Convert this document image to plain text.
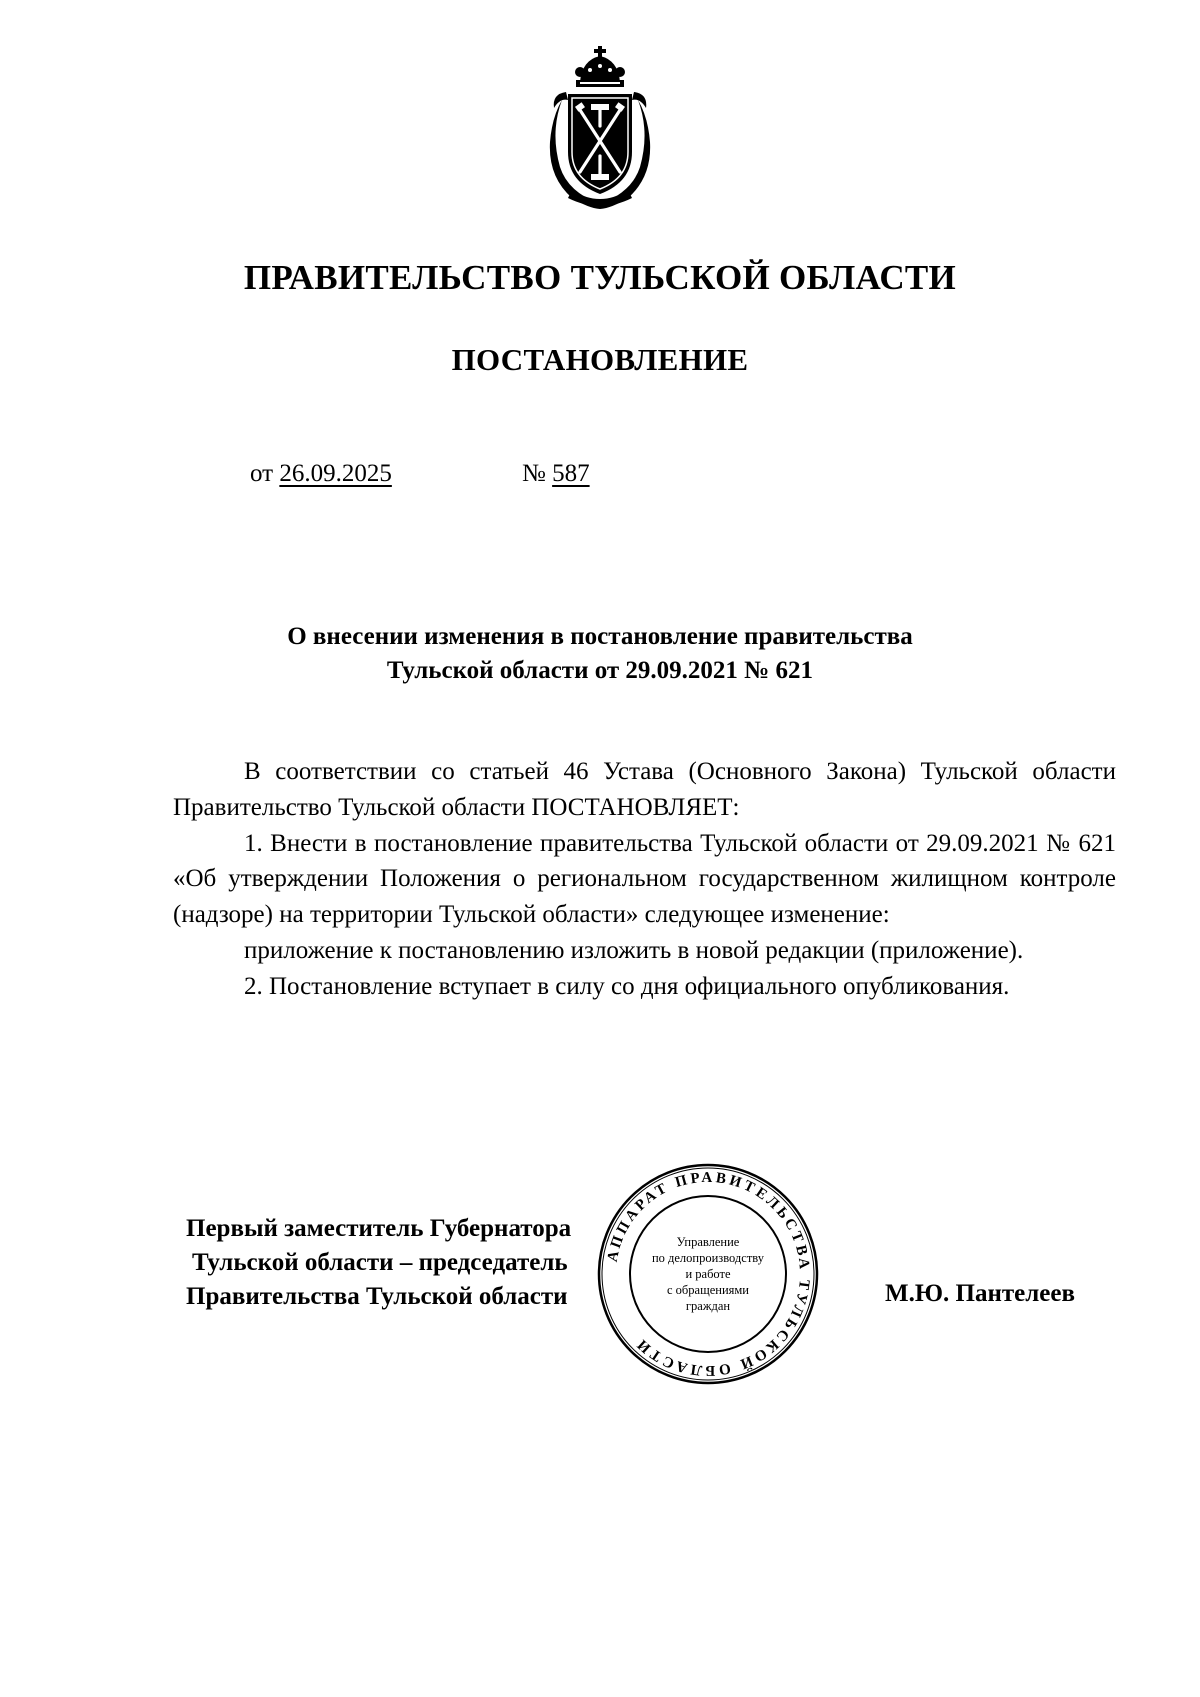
ПРАВИТЕЛЬСТВО ТУЛЬСКОЙ ОБЛАСТИ
ПОСТАНОВЛЕНИЕ
от 26.09.2025	№ 587
О внесении изменения в постановление правительства
Тульской области от 29.09.2021 № 621

В соответствии со статьей 46 Устава (Основного Закона) Тульской области Правительство Тульской области ПОСТАНОВЛЯЕТ:

1. Внести в постановление правительства Тульской области от 29.09.2021 № 621 «Об утверждении Положения о региональном государственном жилищном контроле (надзоре) на территории Тульской области» следующее изменение:

приложение к постановлению изложить в новой редакции (приложение).

2. Постановление вступает в силу со дня официального опубликования.

Первый заместитель Губернатора
Тульской области – председатель
Правительства Тульской области	М.Ю. Пантелеев
АППАРАТ ПРАВИТЕЛЬСТВА ТУЛЬСКОЙ ОБЛАСТИ
Управление
по делопроизводству
и работе
с обращениями
граждан
